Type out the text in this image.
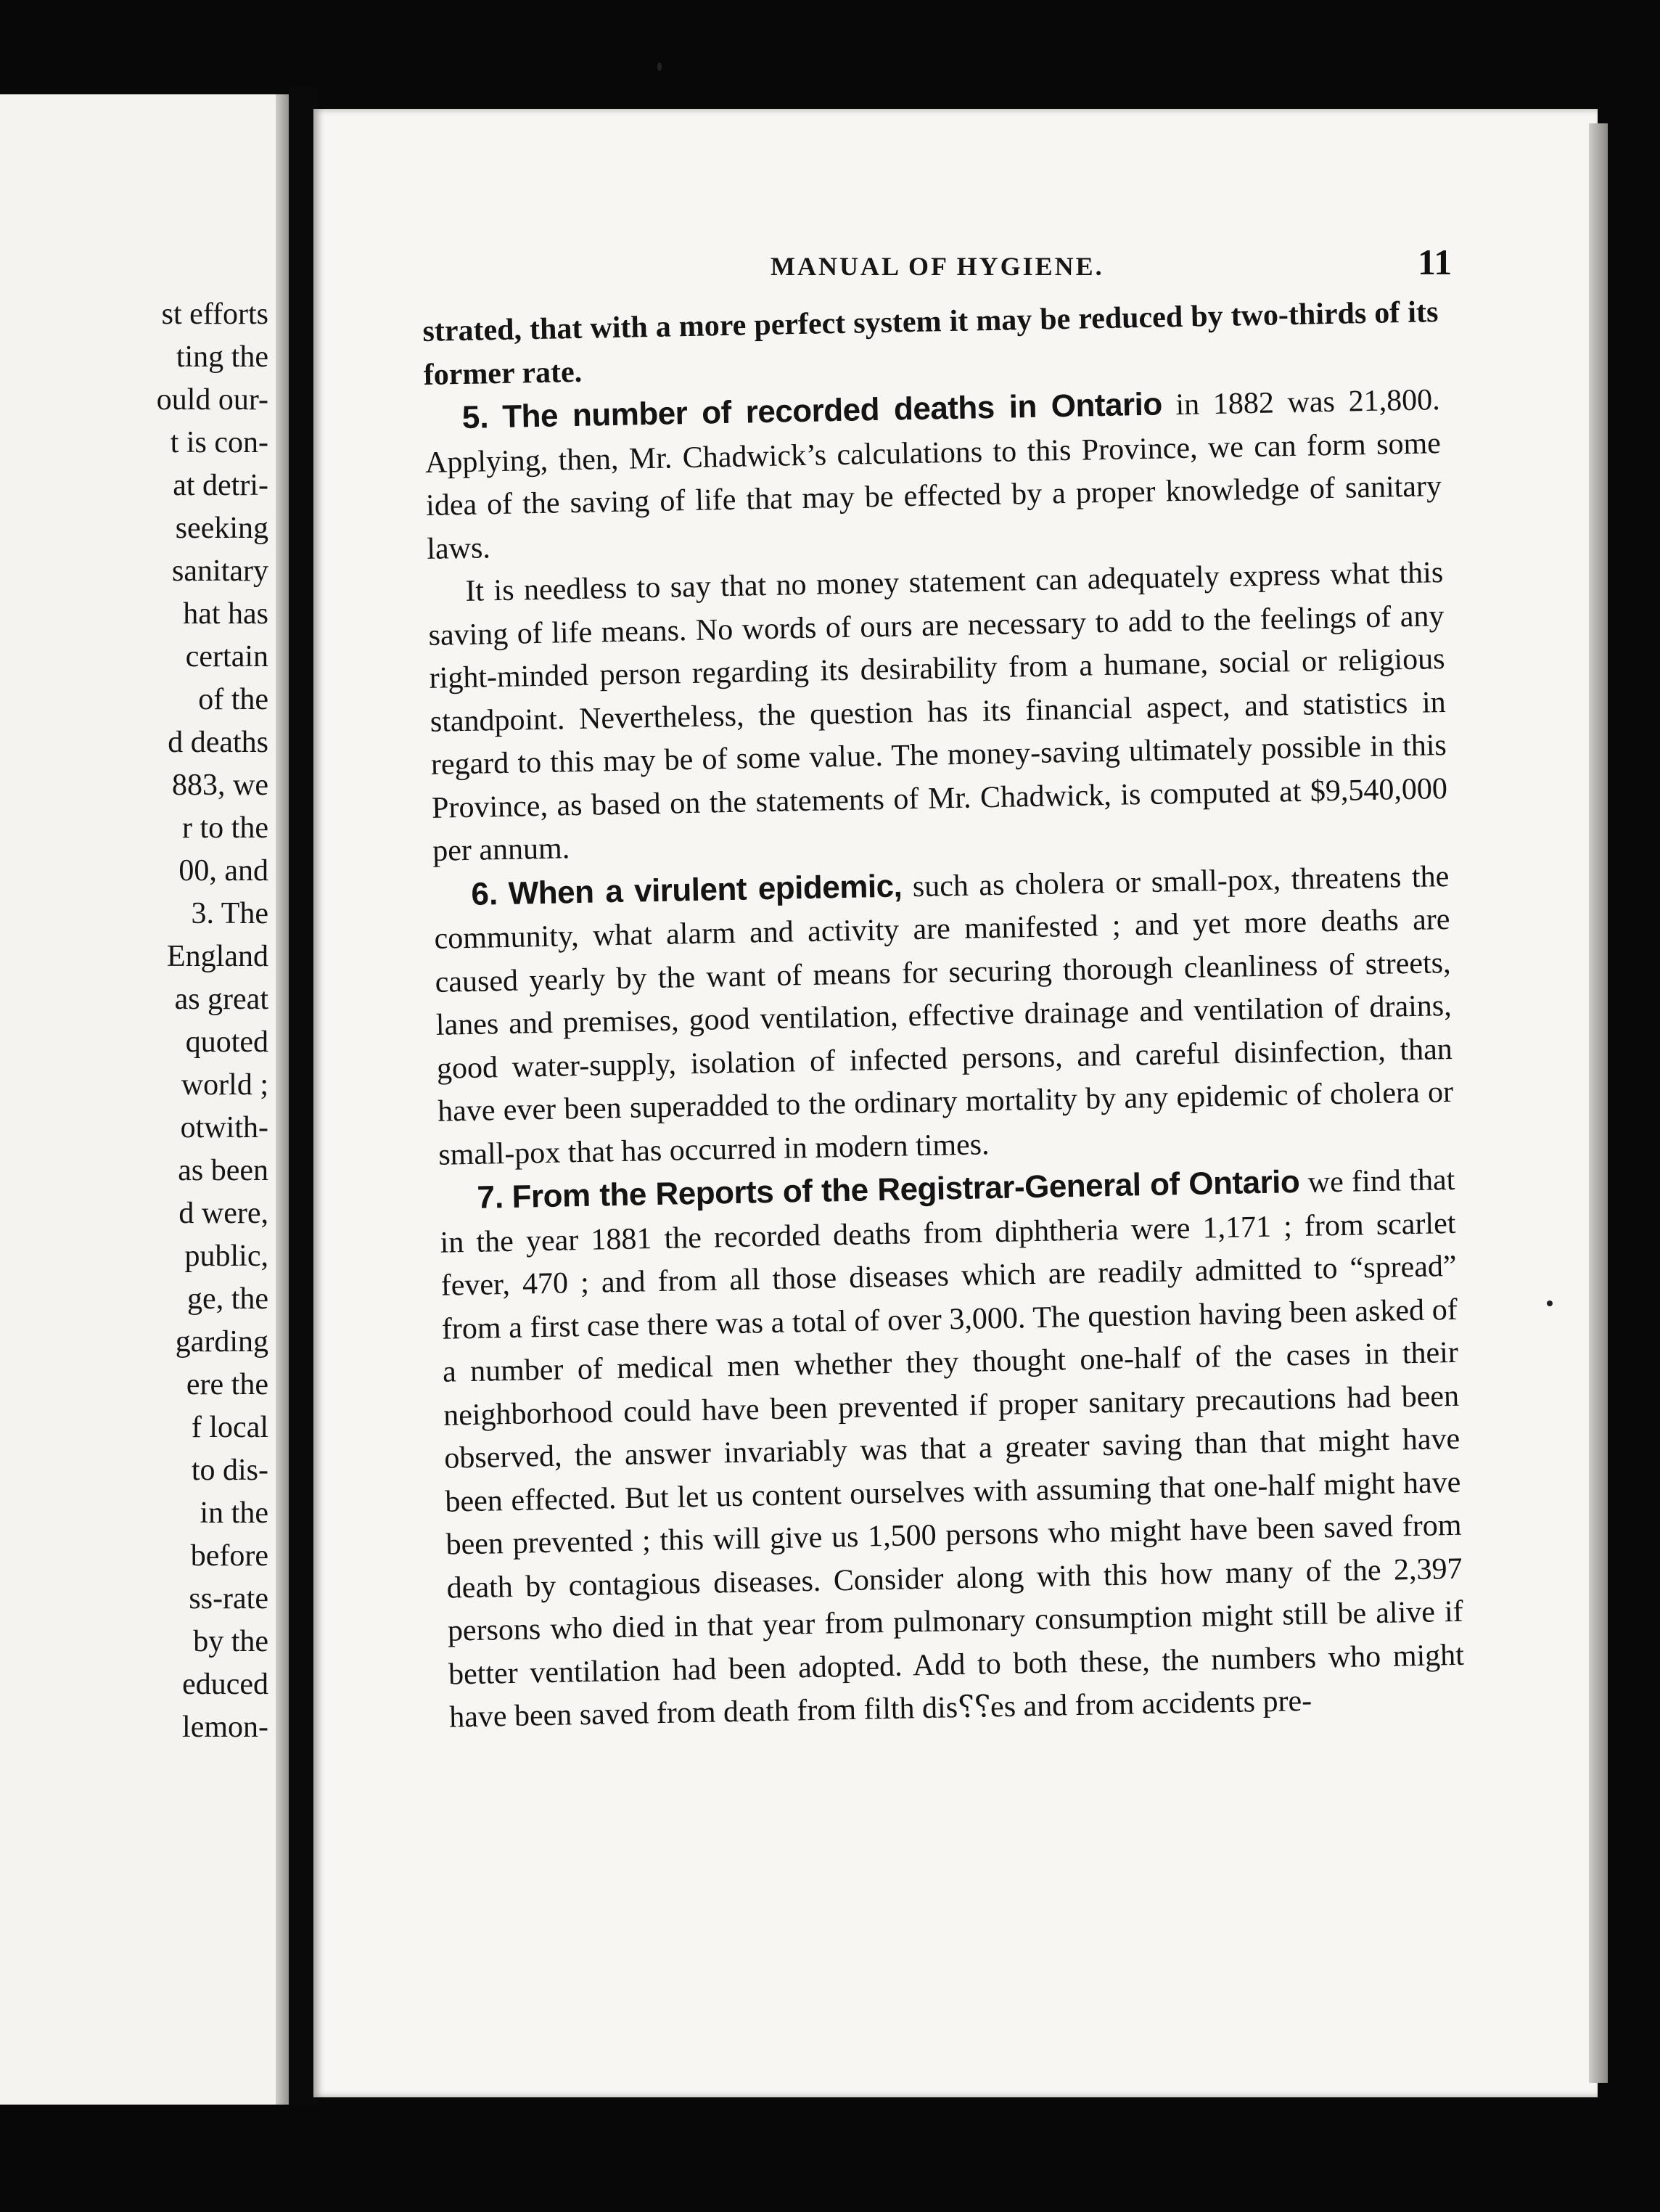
st efforts
ting the
ould our-
t is con-
at detri-
seeking
sanitary
hat has
certain
of the
d deaths
883, we
r to the
00, and
3. The
England
as great
quoted
world ;
otwith-
as been
d were,
public,
ge, the
garding
ere the
f local
to dis-
in the
before
ss-rate
by the
educed
lemon-
MANUAL OF HYGIENE.	11

strated, that with a more perfect system it may be reduced by two-thirds of its former rate.

5. The number of recorded deaths in Ontario in 1882 was 21,800. Applying, then, Mr. Chadwick’s calculations to this Province, we can form some idea of the saving of life that may be effected by a proper knowledge of sanitary laws.

It is needless to say that no money statement can adequately express what this saving of life means. No words of ours are necessary to add to the feelings of any right-minded person regarding its desirability from a humane, social or religious standpoint. Nevertheless, the question has its financial aspect, and statistics in regard to this may be of some value. The money-saving ultimately possible in this Province, as based on the statements of Mr. Chadwick, is computed at $9,540,000 per annum.

6. When a virulent epidemic, such as cholera or small-pox, threatens the community, what alarm and activity are manifested ; and yet more deaths are caused yearly by the want of means for securing thorough cleanliness of streets, lanes and premises, good ventilation, effective drainage and ventilation of drains, good water-supply, isolation of infected persons, and careful disinfection, than have ever been superadded to the ordinary mortality by any epidemic of cholera or small-pox that has occurred in modern times.

7. From the Reports of the Registrar-General of Ontario we find that in the year 1881 the recorded deaths from diphtheria were 1,171 ; from scarlet fever, 470 ; and from all those diseases which are readily admitted to “spread” from a first case there was a total of over 3,000. The question having been asked of a number of medical men whether they thought one-half of the cases in their neighborhood could have been prevented if proper sanitary precautions had been observed, the answer invariably was that a greater saving than that might have been effected. But let us content ourselves with assuming that one-half might have been prevented ; this will give us 1,500 persons who might have been saved from death by contagious diseases. Consider along with this how many of the 2,397 persons who died in that year from pulmonary consumption might still be alive if better ventilation had been adopted. Add to both these, the numbers who might have been saved from death from filth dis⸮⸮es and from accidents pre-
